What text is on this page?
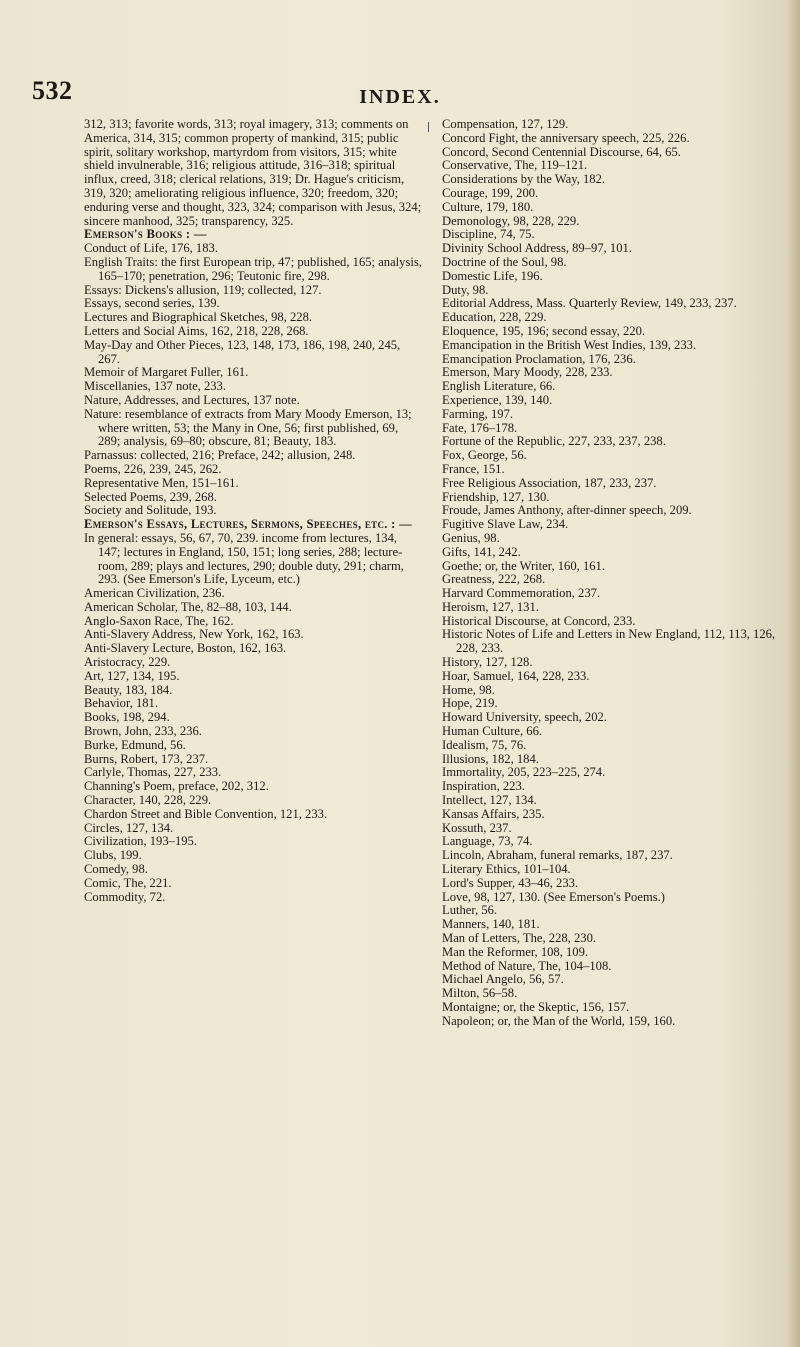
532	INDEX.

312, 313; favorite words, 313; royal imagery, 313; comments on America, 314, 315; common property of mankind, 315; public spirit, solitary workshop, martyrdom from visitors, 315; white shield invulnerable, 316; religious attitude, 316–318; spiritual influx, creed, 318; clerical relations, 319; Dr. Hague's criticism, 319, 320; ameliorating religious influence, 320; freedom, 320; enduring verse and thought, 323, 324; comparison with Jesus, 324; sincere manhood, 325; transparency, 325.

Emerson's Books : —

Conduct of Life, 176, 183.

English Traits: the first European trip, 47; published, 165; analysis, 165–170; penetration, 296; Teutonic fire, 298.

Essays: Dickens's allusion, 119; collected, 127.

Essays, second series, 139.

Lectures and Biographical Sketches, 98, 228.

Letters and Social Aims, 162, 218, 228, 268.

May-Day and Other Pieces, 123, 148, 173, 186, 198, 240, 245, 267.

Memoir of Margaret Fuller, 161.

Miscellanies, 137 note, 233.

Nature, Addresses, and Lectures, 137 note.

Nature: resemblance of extracts from Mary Moody Emerson, 13; where written, 53; the Many in One, 56; first published, 69, 289; analysis, 69–80; obscure, 81; Beauty, 183.

Parnassus: collected, 216; Preface, 242; allusion, 248.

Poems, 226, 239, 245, 262.

Representative Men, 151–161.

Selected Poems, 239, 268.

Society and Solitude, 193.

Emerson's Essays, Lectures, Sermons, Speeches, etc. : —

In general: essays, 56, 67, 70, 239. income from lectures, 134, 147; lectures in England, 150, 151; long series, 288; lecture-room, 289; plays and lectures, 290; double duty, 291; charm, 293. (See Emerson's Life, Lyceum, etc.)

American Civilization, 236.

American Scholar, The, 82–88, 103, 144.

Anglo-Saxon Race, The, 162.

Anti-Slavery Address, New York, 162, 163.

Anti-Slavery Lecture, Boston, 162, 163.

Aristocracy, 229.

Art, 127, 134, 195.

Beauty, 183, 184.

Behavior, 181.

Books, 198, 294.

Brown, John, 233, 236.

Burke, Edmund, 56.

Burns, Robert, 173, 237.

Carlyle, Thomas, 227, 233.

Channing's Poem, preface, 202, 312.

Character, 140, 228, 229.

Chardon Street and Bible Convention, 121, 233.

Circles, 127, 134.

Civilization, 193–195.

Clubs, 199.

Comedy, 98.

Comic, The, 221.

Commodity, 72.

Compensation, 127, 129.

Concord Fight, the anniversary speech, 225, 226.

Concord, Second Centennial Discourse, 64, 65.

Conservative, The, 119–121.

Considerations by the Way, 182.

Courage, 199, 200.

Culture, 179, 180.

Demonology, 98, 228, 229.

Discipline, 74, 75.

Divinity School Address, 89–97, 101.

Doctrine of the Soul, 98.

Domestic Life, 196.

Duty, 98.

Editorial Address, Mass. Quarterly Review, 149, 233, 237.

Education, 228, 229.

Eloquence, 195, 196; second essay, 220.

Emancipation in the British West Indies, 139, 233.

Emancipation Proclamation, 176, 236.

Emerson, Mary Moody, 228, 233.

English Literature, 66.

Experience, 139, 140.

Farming, 197.

Fate, 176–178.

Fortune of the Republic, 227, 233, 237, 238.

Fox, George, 56.

France, 151.

Free Religious Association, 187, 233, 237.

Friendship, 127, 130.

Froude, James Anthony, after-dinner speech, 209.

Fugitive Slave Law, 234.

Genius, 98.

Gifts, 141, 242.

Goethe; or, the Writer, 160, 161.

Greatness, 222, 268.

Harvard Commemoration, 237.

Heroism, 127, 131.

Historical Discourse, at Concord, 233.

Historic Notes of Life and Letters in New England, 112, 113, 126, 228, 233.

History, 127, 128.

Hoar, Samuel, 164, 228, 233.

Home, 98.

Hope, 219.

Howard University, speech, 202.

Human Culture, 66.

Idealism, 75, 76.

Illusions, 182, 184.

Immortality, 205, 223–225, 274.

Inspiration, 223.

Intellect, 127, 134.

Kansas Affairs, 235.

Kossuth, 237.

Language, 73, 74.

Lincoln, Abraham, funeral remarks, 187, 237.

Literary Ethics, 101–104.

Lord's Supper, 43–46, 233.

Love, 98, 127, 130. (See Emerson's Poems.)

Luther, 56.

Manners, 140, 181.

Man of Letters, The, 228, 230.

Man the Reformer, 108, 109.

Method of Nature, The, 104–108.

Michael Angelo, 56, 57.

Milton, 56–58.

Montaigne; or, the Skeptic, 156, 157.

Napoleon; or, the Man of the World, 159, 160.
